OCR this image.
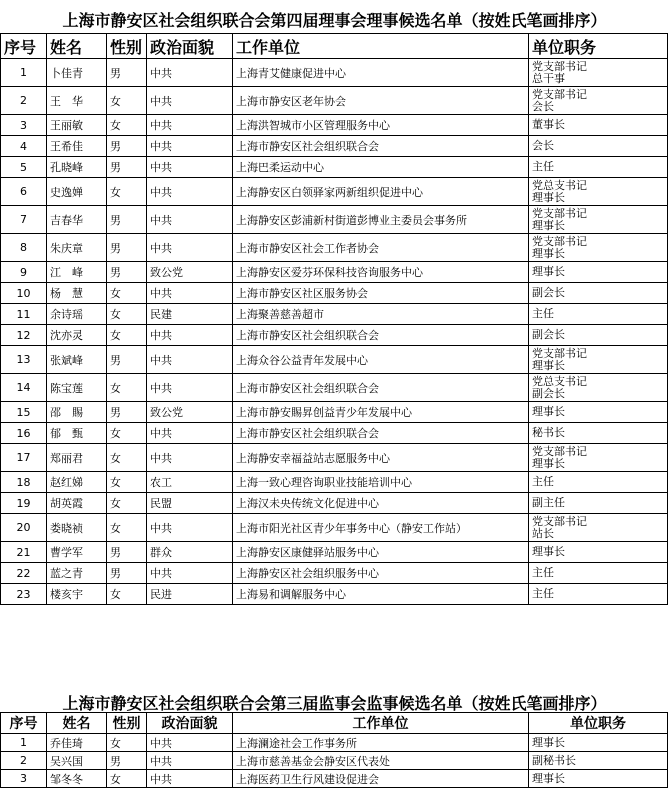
上海市静安区社会组织联合会第四届理事会理事候选名单（按姓氏笔画排序）
序号	姓名	性别	政治面貌	工作单位	单位职务
1	卜佳青	男	中共	上海青艾健康促进中心	党支部书记
总干事

2	王　华	女	中共	上海市静安区老年协会	党支部书记
会长

3	王丽敏	女	中共	上海洪智城市小区管理服务中心	董事长

4	王希佳	男	中共	上海市静安区社会组织联合会	会长

5	孔晓峰	男	中共	上海巴柔运动中心	主任

6	史逸婵	女	中共	上海静安区白领驿家两新组织促进中心	党总支书记
理事长

7	吉春华	男	中共	上海静安区彭浦新村街道彭博业主委员会事务所	党支部书记
理事长

8	朱庆章	男	中共	上海市静安区社会工作者协会	党支部书记
理事长

9	江　峰	男	致公党	上海静安区爱芬环保科技咨询服务中心	理事长

10	杨　慧	女	中共	上海市静安区社区服务协会	副会长

11	余诗瑶	女	民建	上海聚善慈善超市	主任

12	沈亦灵	女	中共	上海市静安区社会组织联合会	副会长

13	张斌峰	男	中共	上海众谷公益青年发展中心	党支部书记
理事长

14	陈宝莲	女	中共	上海市静安区社会组织联合会	党总支书记
副会长

15	邵　賜	男	致公党	上海市静安賜昇创益青少年发展中心	理事长

16	郁　甄	女	中共	上海市静安区社会组织联合会	秘书长

17	郑丽君	女	中共	上海静安幸福益站志愿服务中心	党支部书记
理事长

18	赵红娣	女	农工	上海一致心理咨询职业技能培训中心	主任

19	胡英霞	女	民盟	上海汉未央传统文化促进中心	副主任

20	娄晓祯	女	中共	上海市阳光社区青少年事务中心（静安工作站）	党支部书记
站长

21	曹学军	男	群众	上海静安区康健驿站服务中心	理事长

22	蓝之青	男	中共	上海静安区社会组织服务中心	主任

23	楼亥宇	女	民进	上海易和调解服务中心	主任
上海市静安区社会组织联合会第三届监事会监事候选名单（按姓氏笔画排序）
序号	姓名	性别	政治面貌	工作单位	单位职务
1	乔佳琦	女	中共	上海澜途社会工作事务所	理事长

2	吴兴国	男	中共	上海市慈善基金会静安区代表处	副秘书长

3	邹冬冬	女	中共	上海医药卫生行风建设促进会	理事长
